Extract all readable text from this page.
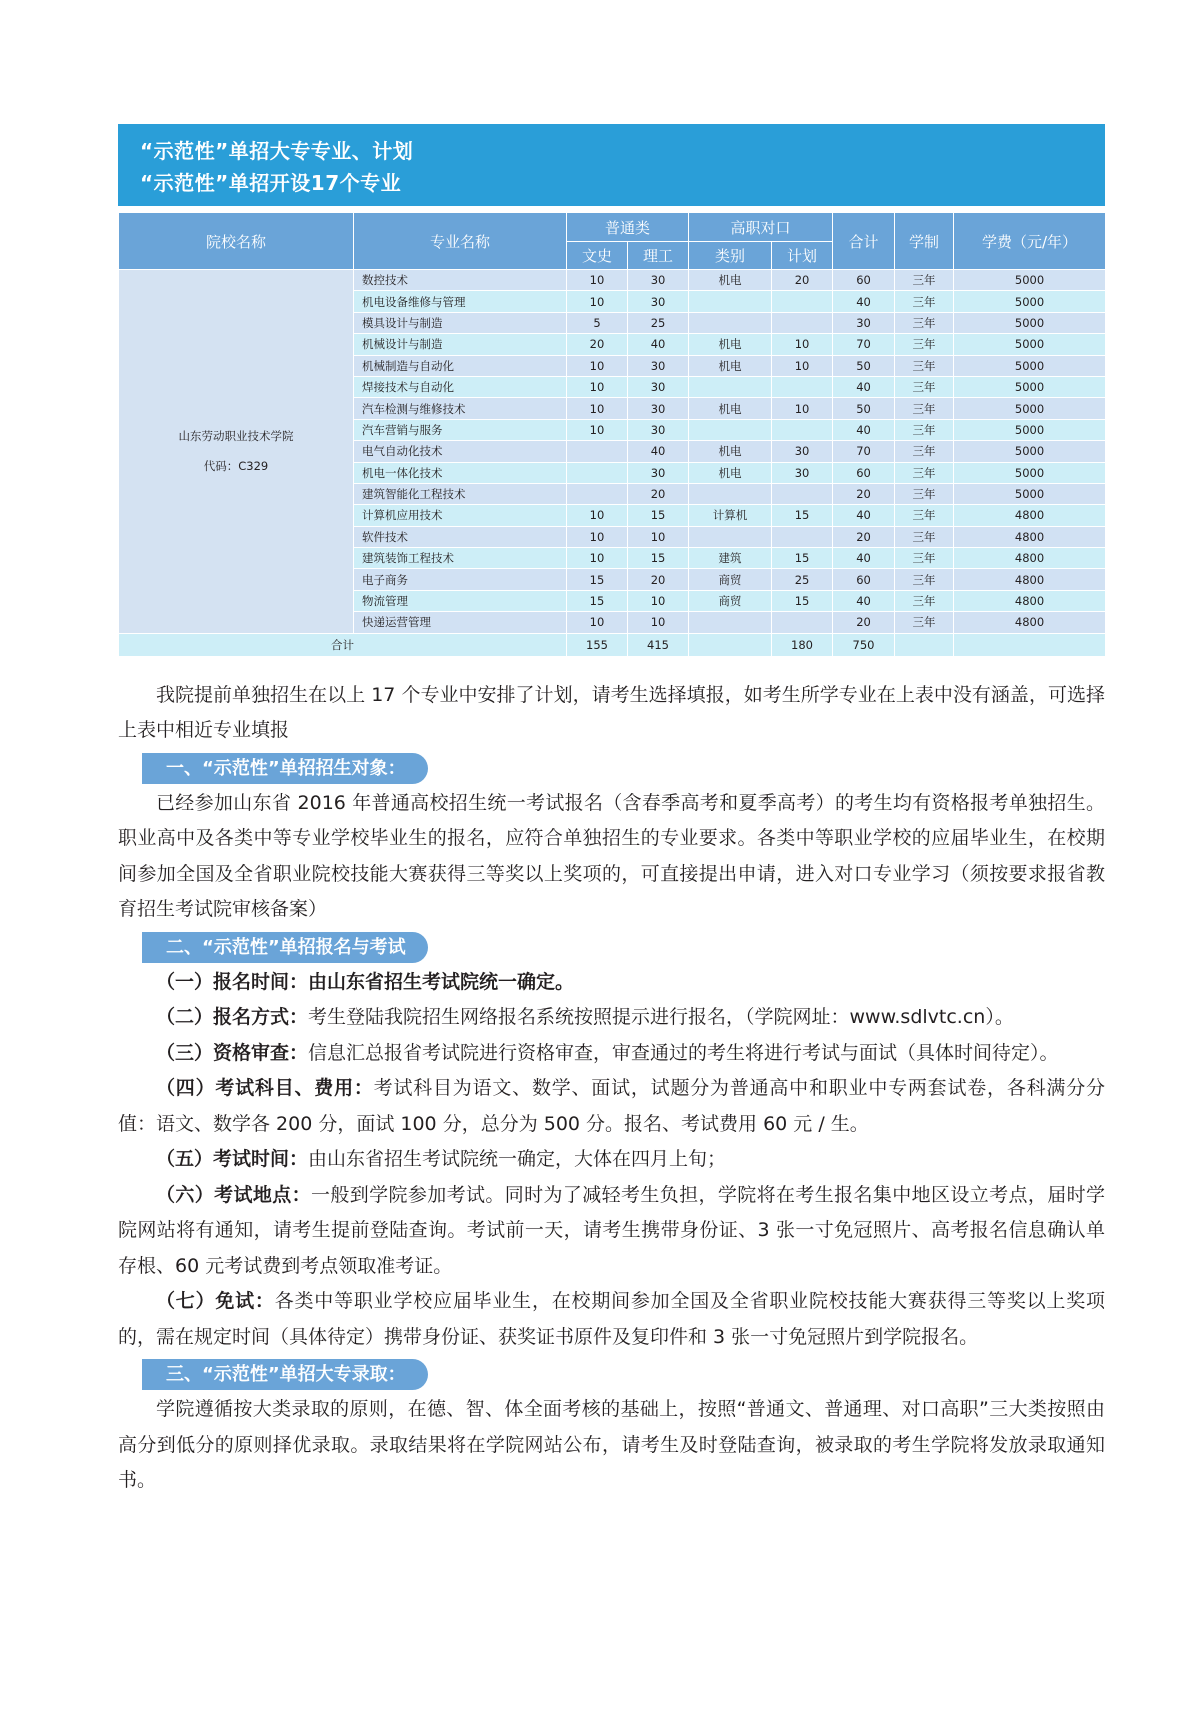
“示范性”单招大专专业、计划
“示范性”单招开设17个专业
院校名称	专业名称	普通类		高职对口		合计	学制	学费（元/年）
		文史	理工	类别	计划			

山东劳动职业技术学院
代码：C329	数控技术	10	30	机电	20	60	三年	5000
	机电设备维修与管理	10	30			40	三年	5000
	模具设计与制造	5	25			30	三年	5000
	机械设计与制造	20	40	机电	10	70	三年	5000
	机械制造与自动化	10	30	机电	10	50	三年	5000
	焊接技术与自动化	10	30			40	三年	5000
	汽车检测与维修技术	10	30	机电	10	50	三年	5000
	汽车营销与服务	10	30			40	三年	5000
	电气自动化技术		40	机电	30	70	三年	5000
	机电一体化技术		30	机电	30	60	三年	5000
	建筑智能化工程技术		20			20	三年	5000
	计算机应用技术	10	15	计算机	15	40	三年	4800
	软件技术	10	10			20	三年	4800
	建筑装饰工程技术	10	15	建筑	15	40	三年	4800
	电子商务	15	20	商贸	25	60	三年	4800
	物流管理	15	10	商贸	15	40	三年	4800
	快递运营管理	10	10			20	三年	4800
合计		155	415		180	750		

我院提前单独招生在以上 17 个专业中安排了计划，请考生选择填报，如考生所学专业在上表中没有涵盖，可选择上表中相近专业填报

一、“示范性”单招招生对象：

已经参加山东省 2016 年普通高校招生统一考试报名（含春季高考和夏季高考）的考生均有资格报考单独招生。职业高中及各类中等专业学校毕业生的报名，应符合单独招生的专业要求。各类中等职业学校的应届毕业生，在校期间参加全国及全省职业院校技能大赛获得三等奖以上奖项的，可直接提出申请，进入对口专业学习（须按要求报省教育招生考试院审核备案）

二、“示范性”单招报名与考试

（一）报名时间：由山东省招生考试院统一确定。

（二）报名方式：考生登陆我院招生网络报名系统按照提示进行报名，（学院网址：www.sdlvtc.cn）。

（三）资格审查：信息汇总报省考试院进行资格审查，审查通过的考生将进行考试与面试（具体时间待定）。

（四）考试科目、费用：考试科目为语文、数学、面试，试题分为普通高中和职业中专两套试卷，各科满分分值：语文、数学各 200 分，面试 100 分，总分为 500 分。报名、考试费用 60 元 / 生。

（五）考试时间：由山东省招生考试院统一确定，大体在四月上旬；

（六）考试地点：一般到学院参加考试。同时为了减轻考生负担，学院将在考生报名集中地区设立考点，届时学院网站将有通知，请考生提前登陆查询。考试前一天，请考生携带身份证、3 张一寸免冠照片、高考报名信息确认单存根、60 元考试费到考点领取准考证。

（七）免试：各类中等职业学校应届毕业生，在校期间参加全国及全省职业院校技能大赛获得三等奖以上奖项的，需在规定时间（具体待定）携带身份证、获奖证书原件及复印件和 3 张一寸免冠照片到学院报名。

三、“示范性”单招大专录取：

学院遵循按大类录取的原则，在德、智、体全面考核的基础上，按照“普通文、普通理、对口高职”三大类按照由高分到低分的原则择优录取。录取结果将在学院网站公布，请考生及时登陆查询，被录取的考生学院将发放录取通知书。
